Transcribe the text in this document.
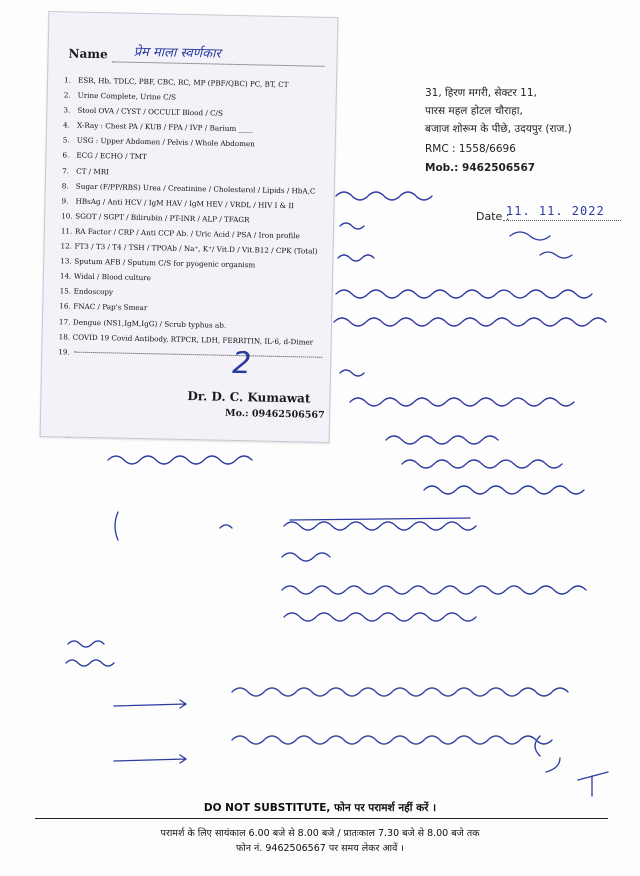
31, हिरण मगरी, सेक्टर 11,
पारस महल होटल चौराहा,
बजाज शोरूम के पीछे, उदयपुर (राज.)
RMC : 1558/6696
Mob.: 9462506567
Date :
11. 11. 2022
Name प्रेम माला स्वर्णकार
1. ESR, Hb, TDLC, PBF, CBC, RC, MP (PBF/QBC) PC, BT, CT
2. Urine Complete, Urine C/S
3. Stool OVA / CYST / OCCULT Blood / C/S
4. X-Ray : Chest PA / KUB / FPA / IVP / Barium ____
5. USG : Upper Abdomen / Pelvis / Whole Abdomen
6. ECG / ECHO / TMT
7. CT / MRI
8. Sugar (F/PP/RBS) Urea / Creatinine / Cholesterol / Lipids / HbA,C
9. HBsAg / Anti HCV / IgM HAV / IgM HEV / VRDL / HIV I & II
10. SGOT / SGPT / Bilirubin / PT-INR / ALP / TFAGR
11. RA Factor / CRP / Anti CCP Ab. / Uric Acid / PSA / Iron profile
12. FT3 / T3 / T4 / TSH / TPOAb / Na⁺, K⁺/ Vit.D / Vit.B12 / CPK (Total)
13. Sputum AFB / Sputum C/S for pyogenic organism
14. Widal / Blood culture
15. Endoscopy
16. FNAC / Pap's Smear
17. Dengue (NS1,IgM,IgG) / Scrub typhus ab.
18. COVID 19 Covid Antibody, RTPCR, LDH, FERRITIN, IL-6, d-Dimer
19.	2
Dr. D. C. Kumawat
Mo.: 09462506567
DO NOT SUBSTITUTE, फोन पर परामर्श नहीं करें ।
परामर्श के लिए सायंकाल 6.00 बजे से 8.00 बजे / प्रातःकाल 7.30 बजे से 8.00 बजे तक
फोन नं. 9462506567 पर समय लेकर आवें ।
